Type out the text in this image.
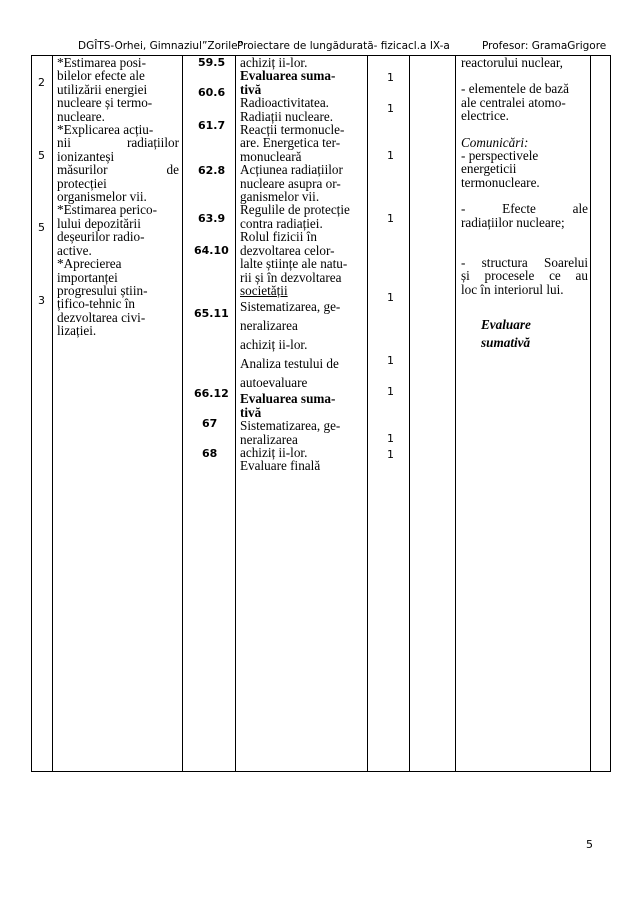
DGÎTS-Orhei, Gimnaziul”Zorile”
Proiectare de lungădurată- fizicacl.a IX-a	Profesor: GramaGrigore
2
5
5
3
*Estimarea posi-
bilelor efecte ale
utilizării energiei
nucleare și termo-
nucleare.
*Explicarea acțiu-
nii radiațiilor
ionizanteși
măsurilor de
protecției
organismelor vii.
*Estimarea perico-
lului depozitării
deșeurilor radio-
active.
*Aprecierea
importanței
progresului știin-
țifico-tehnic în
dezvoltarea civi-
lizației.
59.5
60.6
61.7
62.8
63.9
64.10
65.11
66.12
67
68
achiziț ii-lor.
Evaluarea suma-
tivă
Radioactivitatea.
Radiații nucleare.
Reacții termonucle-
are. Energetica ter-
monucleară
Acțiunea radiațiilor
nucleare asupra or-
ganismelor vii.
Regulile de protecție
contra radiației.
Rolul fizicii în
dezvoltarea celor-
lalte științe ale natu-
rii și în dezvoltarea
societății
Sistematizarea, ge-
neralizarea
achiziț ii-lor.
Analiza testului de
autoevaluare
Evaluarea suma-
tivă
Sistematizarea, ge-
neralizarea
achiziț ii-lor.
Evaluare finală
1
1
1
1
1
1
1
1
1
reactorului nuclear,
- elementele de bază
ale centralei atomo-
electrice.
Comunicări:
- perspectivele
energeticii
termonucleare.
- Efecte ale
radiațiilor nucleare;
- structura Soarelui
și procesele ce au
loc în interiorul lui.
Evaluare
sumativă
5
